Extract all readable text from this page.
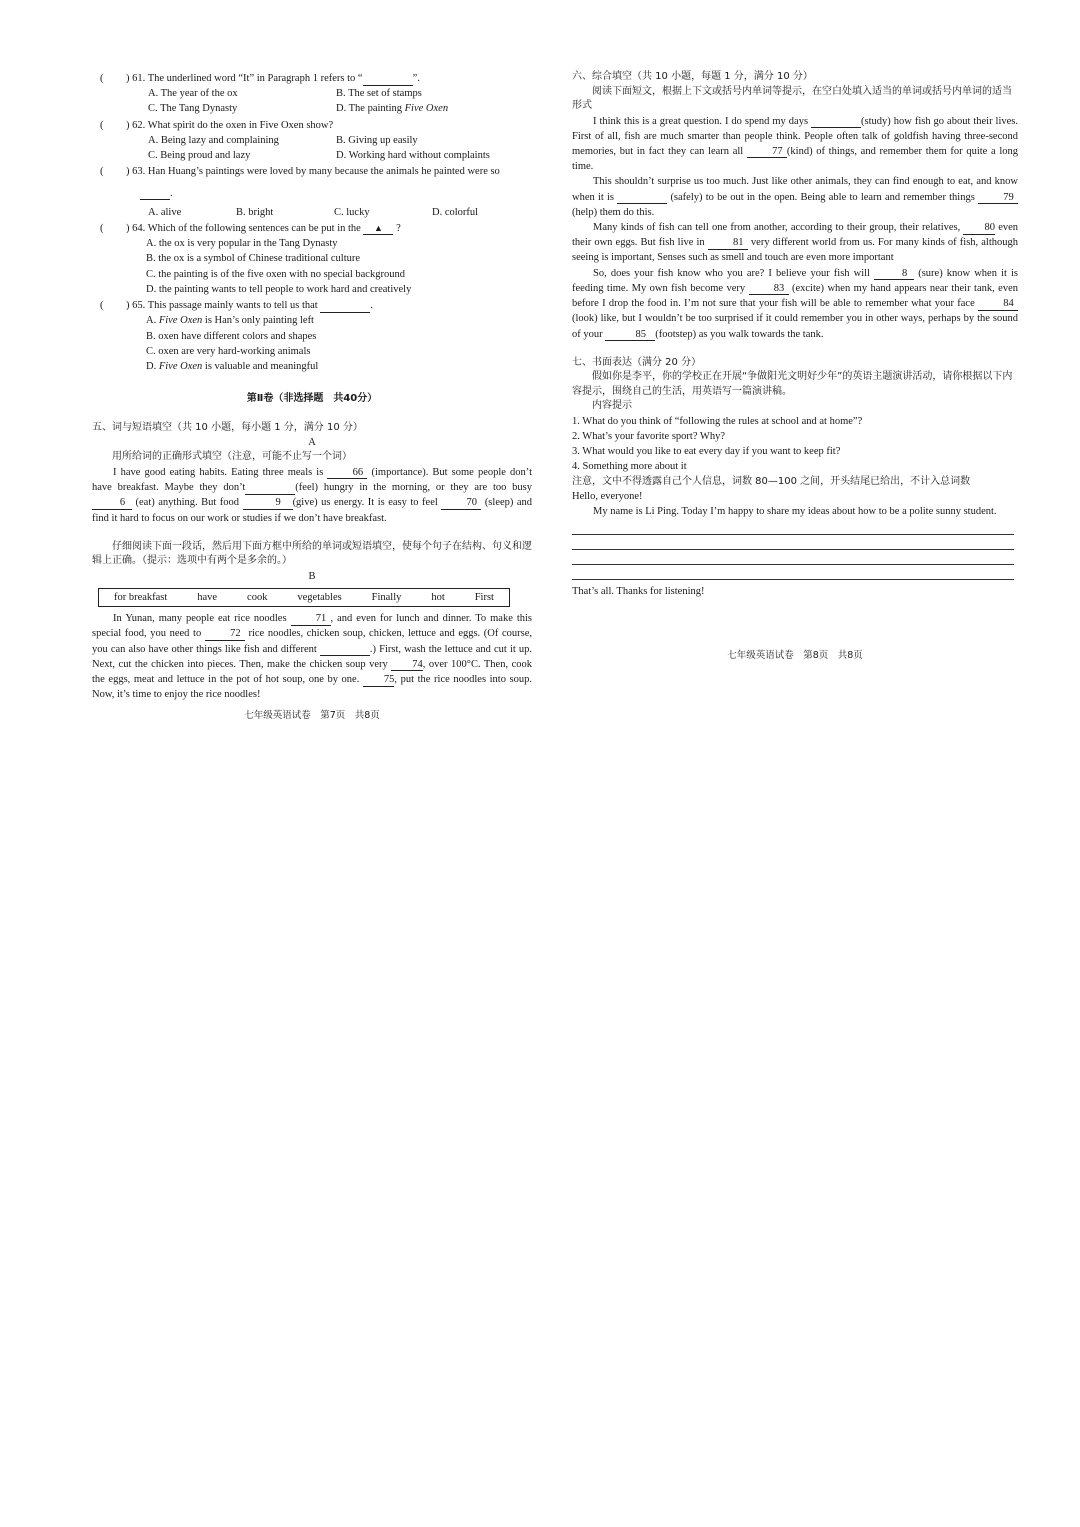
( ) 61. The underlined word “It” in Paragraph 1 refers to “	”.
A. The year of the ox	B. The set of stamps
C. The Tang Dynasty	D. The painting Five Oxen
( ) 62. What spirit do the oxen in Five Oxen show?
A. Being lazy and complaining	B. Giving up easily
C. Being proud and lazy	D. Working hard without complaints
( ) 63. Han Huang’s paintings were loved by many because the animals he painted were so
.
A. alive	B. bright	C. lucky	D. colorful
( ) 64. Which of the following sentences can be put in the ▲ ?
A. the ox is very popular in the Tang Dynasty
B. the ox is a symbol of Chinese traditional culture
C. the painting is of the five oxen with no special background
D. the painting wants to tell people to work hard and creatively
( ) 65. This passage mainly wants to tell us that	.
A. Five Oxen is Han’s only painting left
B. oxen have different colors and shapes
C. oxen are very hard-working animals
D. Five Oxen is valuable and meaningful
第Ⅱ卷（非选择题　共40分）
五、词与短语填空（共 10 小题，每小题 1 分，满分 10 分）
A
用所给词的正确形式填空（注意，可能不止写一个词）

I have good eating habits. Eating three meals is	66 (importance). But some people don’t have breakfast. Maybe they don’t	(feel) hungry in the morning, or they are too busy 6 (eat) anything. But food	9 (give) us energy. It is easy to feel	70 (sleep) and find it hard to focus on our work or studies if we don’t have breakfast.

仔细阅读下面一段话，然后用下面方框中所给的单词或短语填空，使每个句子在结构、句义和逻辑上正确。（提示：选项中有两个是多余的。）
B
for breakfast	have	cook	vegetables	Finally	hot	First

In Yunan, many people eat rice noodles	71 , and even for lunch and dinner. To make this special food, you need to	72 rice noodles, chicken soup, chicken, lettuce and eggs. (Of course, you can also have other things like fish and different	.) First, wash the lettuce and cut it up. Next, cut the chicken into pieces. Then, make the chicken soup very 74, over 100°C. Then, cook the eggs, meat and lettuce in the pot of hot soup, one by one. 75, put the rice noodles into soup. Now, it’s time to enjoy the rice noodles!

七年级英语试卷　第7页　共8页
六、综合填空（共 10 小题，每题 1 分，满分 10 分）
阅读下面短文，根据上下文或括号内单词等提示，在空白处填入适当的单词或括号内单词的适当形式

I think this is a great question. I do spend my days	(study) how fish go about their lives. First of all, fish are much smarter than people think. People often talk of goldfish having three-second memories, but in fact they can learn all	77 (kind) of things, and remember them for quite a long time.

This shouldn’t surprise us too much. Just like other animals, they can find enough to eat, and know when it is	(safely) to be out in the open. Being able to learn and remember things	79 (help) them do this.

Many kinds of fish can tell one from another, according to their group, their relatives, 80 even their own eggs. But fish live in	81 very different world from us. For many kinds of fish, although seeing is important, Senses such as smell and touch are even more important

So, does your fish know who you are? I believe your fish will	8 (sure) know when it is feeding time. My own fish become very	83 (excite) when my hand appears near their tank, even before I drop the food in. I’m not sure that your fish will be able to remember what your face	84 (look) like, but I wouldn’t be too surprised if it could remember you in other ways, perhaps by the sound of your	85 (footstep) as you walk towards the tank.

七、书面表达（满分 20 分）
假如你是李平，你的学校正在开展“争做阳光文明好少年”的英语主题演讲活动，请你根据以下内容提示，围绕自己的生活，用英语写一篇演讲稿。
内容提示
1. What do you think of “following the rules at school and at home”?
2. What’s your favorite sport? Why?
3. What would you like to eat every day if you want to keep fit?
4. Something more about it
注意，文中不得透露自己个人信息，词数 80—100 之间，开头结尾已给出，不计入总词数
Hello, everyone!
My name is Li Ping. Today I’m happy to share my ideas about how to be a polite sunny student.
That’s all. Thanks for listening!
七年级英语试卷　第8页　共8页
